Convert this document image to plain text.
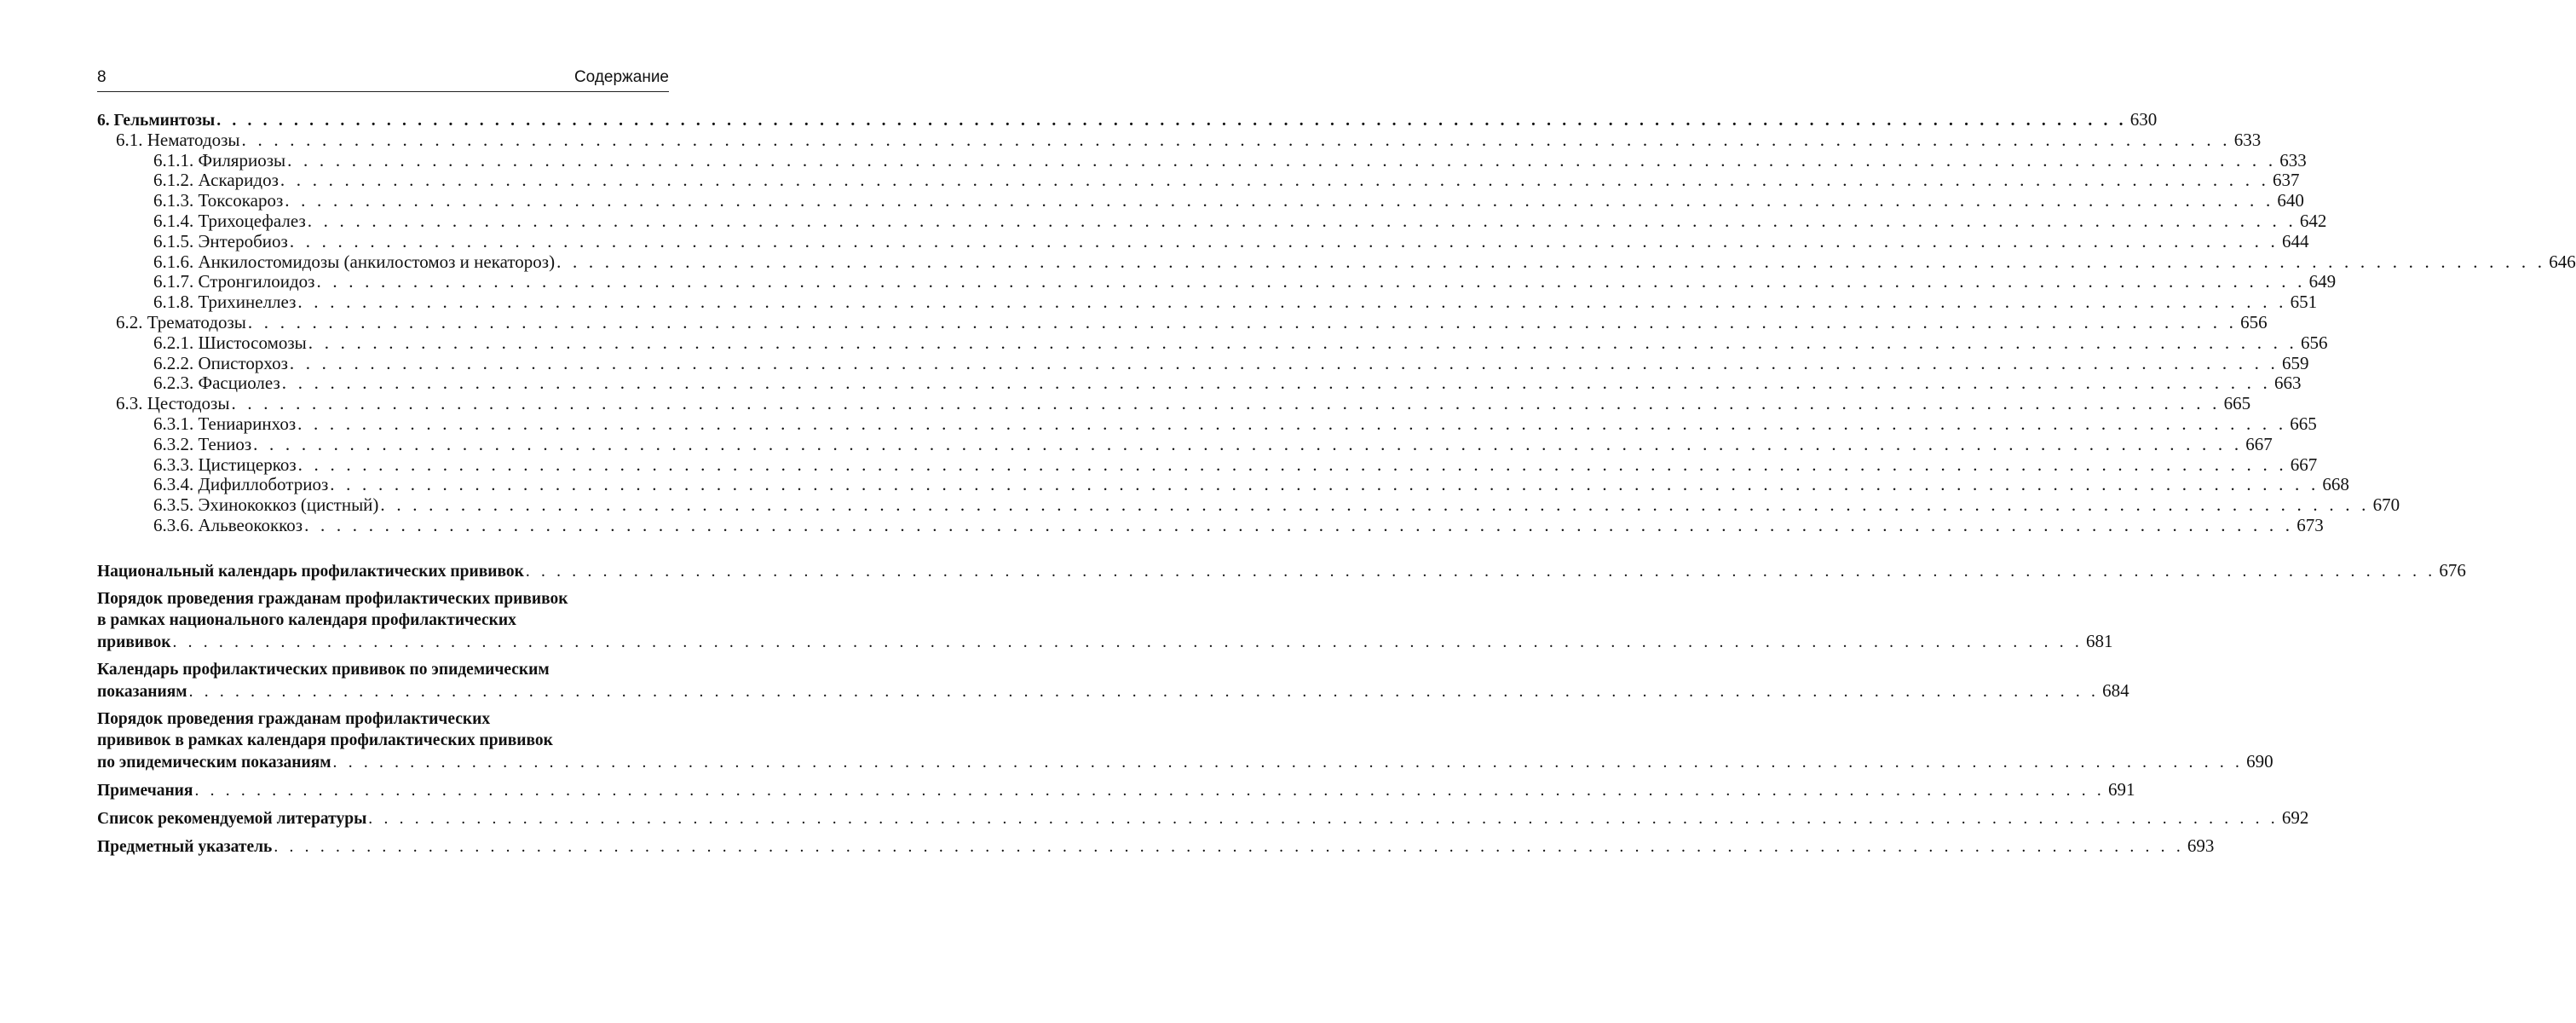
8	Содержание
6. Гельминтозы . . . . . . . . . . . . . . . . . . . . . . . . . . . . . . . . . . . . . . . . . . . . . . . . . . . . . . . . . . . . . . . . . . . . . . . . . . . . . . . . . . . . . . . . . . . . . . . . . . . . . . . . . . . . . . . . . . . . . . . . . . . . 630
6.1. Нематодозы . . . . . . . . . . . . . . . . . . . . . . . . . . . . . . . . . . . . . . . . . . . . . . . . . . . . . . . . . . . . . . . . . . . . . . . . . . . . . . . . . . . . . . . . . . . . . . . . . . . . . . . . . . . . . . . . . . . . . . . . . . . . 633
6.1.1. Филяриозы . . . . . . . . . . . . . . . . . . . . . . . . . . . . . . . . . . . . . . . . . . . . . . . . . . . . . . . . . . . . . . . . . . . . . . . . . . . . . . . . . . . . . . . . . . . . . . . . . . . . . . . . . . . . . . . . . . . . . . . . . . . . 633
6.1.2. Аскаридоз . . . . . . . . . . . . . . . . . . . . . . . . . . . . . . . . . . . . . . . . . . . . . . . . . . . . . . . . . . . . . . . . . . . . . . . . . . . . . . . . . . . . . . . . . . . . . . . . . . . . . . . . . . . . . . . . . . . . . . . . . . . . 637
6.1.3. Токсокароз . . . . . . . . . . . . . . . . . . . . . . . . . . . . . . . . . . . . . . . . . . . . . . . . . . . . . . . . . . . . . . . . . . . . . . . . . . . . . . . . . . . . . . . . . . . . . . . . . . . . . . . . . . . . . . . . . . . . . . . . . . . . 640
6.1.4. Трихоцефалез . . . . . . . . . . . . . . . . . . . . . . . . . . . . . . . . . . . . . . . . . . . . . . . . . . . . . . . . . . . . . . . . . . . . . . . . . . . . . . . . . . . . . . . . . . . . . . . . . . . . . . . . . . . . . . . . . . . . . . . . . . . . 642
6.1.5. Энтеробиоз . . . . . . . . . . . . . . . . . . . . . . . . . . . . . . . . . . . . . . . . . . . . . . . . . . . . . . . . . . . . . . . . . . . . . . . . . . . . . . . . . . . . . . . . . . . . . . . . . . . . . . . . . . . . . . . . . . . . . . . . . . . . 644
6.1.6. Анкилостомидозы (анкилостомоз и некатороз) . . . . . . . . . . . . . . . . . . . . . . . . . . . . . . . . . . . . . . . . . . . . . . . . . . . . . . . . . . . . . . . . . . . . . . . . . . . . . . . . . . . . . . . . . . . . . . . . . . . . . . . . . . . . . . . . . . . . . . . . . . . . 646
6.1.7. Стронгилоидоз . . . . . . . . . . . . . . . . . . . . . . . . . . . . . . . . . . . . . . . . . . . . . . . . . . . . . . . . . . . . . . . . . . . . . . . . . . . . . . . . . . . . . . . . . . . . . . . . . . . . . . . . . . . . . . . . . . . . . . . . . . . . 649
6.1.8. Трихинеллез . . . . . . . . . . . . . . . . . . . . . . . . . . . . . . . . . . . . . . . . . . . . . . . . . . . . . . . . . . . . . . . . . . . . . . . . . . . . . . . . . . . . . . . . . . . . . . . . . . . . . . . . . . . . . . . . . . . . . . . . . . . . 651
6.2. Трематодозы . . . . . . . . . . . . . . . . . . . . . . . . . . . . . . . . . . . . . . . . . . . . . . . . . . . . . . . . . . . . . . . . . . . . . . . . . . . . . . . . . . . . . . . . . . . . . . . . . . . . . . . . . . . . . . . . . . . . . . . . . . . . 656
6.2.1. Шистосомозы . . . . . . . . . . . . . . . . . . . . . . . . . . . . . . . . . . . . . . . . . . . . . . . . . . . . . . . . . . . . . . . . . . . . . . . . . . . . . . . . . . . . . . . . . . . . . . . . . . . . . . . . . . . . . . . . . . . . . . . . . . . . 656
6.2.2. Описторхоз . . . . . . . . . . . . . . . . . . . . . . . . . . . . . . . . . . . . . . . . . . . . . . . . . . . . . . . . . . . . . . . . . . . . . . . . . . . . . . . . . . . . . . . . . . . . . . . . . . . . . . . . . . . . . . . . . . . . . . . . . . . . 659
6.2.3. Фасциолез . . . . . . . . . . . . . . . . . . . . . . . . . . . . . . . . . . . . . . . . . . . . . . . . . . . . . . . . . . . . . . . . . . . . . . . . . . . . . . . . . . . . . . . . . . . . . . . . . . . . . . . . . . . . . . . . . . . . . . . . . . . . 663
6.3. Цестодозы . . . . . . . . . . . . . . . . . . . . . . . . . . . . . . . . . . . . . . . . . . . . . . . . . . . . . . . . . . . . . . . . . . . . . . . . . . . . . . . . . . . . . . . . . . . . . . . . . . . . . . . . . . . . . . . . . . . . . . . . . . . . 665
6.3.1. Тениаринхоз . . . . . . . . . . . . . . . . . . . . . . . . . . . . . . . . . . . . . . . . . . . . . . . . . . . . . . . . . . . . . . . . . . . . . . . . . . . . . . . . . . . . . . . . . . . . . . . . . . . . . . . . . . . . . . . . . . . . . . . . . . . . 665
6.3.2. Тениоз . . . . . . . . . . . . . . . . . . . . . . . . . . . . . . . . . . . . . . . . . . . . . . . . . . . . . . . . . . . . . . . . . . . . . . . . . . . . . . . . . . . . . . . . . . . . . . . . . . . . . . . . . . . . . . . . . . . . . . . . . . . . 667
6.3.3. Цистицеркоз . . . . . . . . . . . . . . . . . . . . . . . . . . . . . . . . . . . . . . . . . . . . . . . . . . . . . . . . . . . . . . . . . . . . . . . . . . . . . . . . . . . . . . . . . . . . . . . . . . . . . . . . . . . . . . . . . . . . . . . . . . . . 667
6.3.4. Дифиллоботриоз . . . . . . . . . . . . . . . . . . . . . . . . . . . . . . . . . . . . . . . . . . . . . . . . . . . . . . . . . . . . . . . . . . . . . . . . . . . . . . . . . . . . . . . . . . . . . . . . . . . . . . . . . . . . . . . . . . . . . . . . . . . . 668
6.3.5. Эхинококкоз (цистный) . . . . . . . . . . . . . . . . . . . . . . . . . . . . . . . . . . . . . . . . . . . . . . . . . . . . . . . . . . . . . . . . . . . . . . . . . . . . . . . . . . . . . . . . . . . . . . . . . . . . . . . . . . . . . . . . . . . . . . . . . . . . 670
6.3.6. Альвеококкоз . . . . . . . . . . . . . . . . . . . . . . . . . . . . . . . . . . . . . . . . . . . . . . . . . . . . . . . . . . . . . . . . . . . . . . . . . . . . . . . . . . . . . . . . . . . . . . . . . . . . . . . . . . . . . . . . . . . . . . . . . . . . 673
Национальный календарь профилактических прививок . . . . . . . . . . . . . . . . . . . . . . . . . . . . . . . . . . . . . . . . . . . . . . . . . . . . . . . . . . . . . . . . . . . . . . . . . . . . . . . . . . . . . . . . . . . . . . . . . . . . . . . . . . . . . . . . . . . . . . . . . . . . 676
Порядок проведения гражданам профилактических прививок
в рамках национального календаря профилактических
прививок . . . . . . . . . . . . . . . . . . . . . . . . . . . . . . . . . . . . . . . . . . . . . . . . . . . . . . . . . . . . . . . . . . . . . . . . . . . . . . . . . . . . . . . . . . . . . . . . . . . . . . . . . . . . . . . . . . . . . . . . . . . . 681
Календарь профилактических прививок по эпидемическим
показаниям . . . . . . . . . . . . . . . . . . . . . . . . . . . . . . . . . . . . . . . . . . . . . . . . . . . . . . . . . . . . . . . . . . . . . . . . . . . . . . . . . . . . . . . . . . . . . . . . . . . . . . . . . . . . . . . . . . . . . . . . . . . . 684
Порядок проведения гражданам профилактических
прививок в рамках календаря профилактических прививок
по эпидемическим показаниям . . . . . . . . . . . . . . . . . . . . . . . . . . . . . . . . . . . . . . . . . . . . . . . . . . . . . . . . . . . . . . . . . . . . . . . . . . . . . . . . . . . . . . . . . . . . . . . . . . . . . . . . . . . . . . . . . . . . . . . . . . . . 690
Примечания . . . . . . . . . . . . . . . . . . . . . . . . . . . . . . . . . . . . . . . . . . . . . . . . . . . . . . . . . . . . . . . . . . . . . . . . . . . . . . . . . . . . . . . . . . . . . . . . . . . . . . . . . . . . . . . . . . . . . . . . . . . . 691
Список рекомендуемой литературы . . . . . . . . . . . . . . . . . . . . . . . . . . . . . . . . . . . . . . . . . . . . . . . . . . . . . . . . . . . . . . . . . . . . . . . . . . . . . . . . . . . . . . . . . . . . . . . . . . . . . . . . . . . . . . . . . . . . . . . . . . . . 692
Предметный указатель . . . . . . . . . . . . . . . . . . . . . . . . . . . . . . . . . . . . . . . . . . . . . . . . . . . . . . . . . . . . . . . . . . . . . . . . . . . . . . . . . . . . . . . . . . . . . . . . . . . . . . . . . . . . . . . . . . . . . . . . . . . . 693
